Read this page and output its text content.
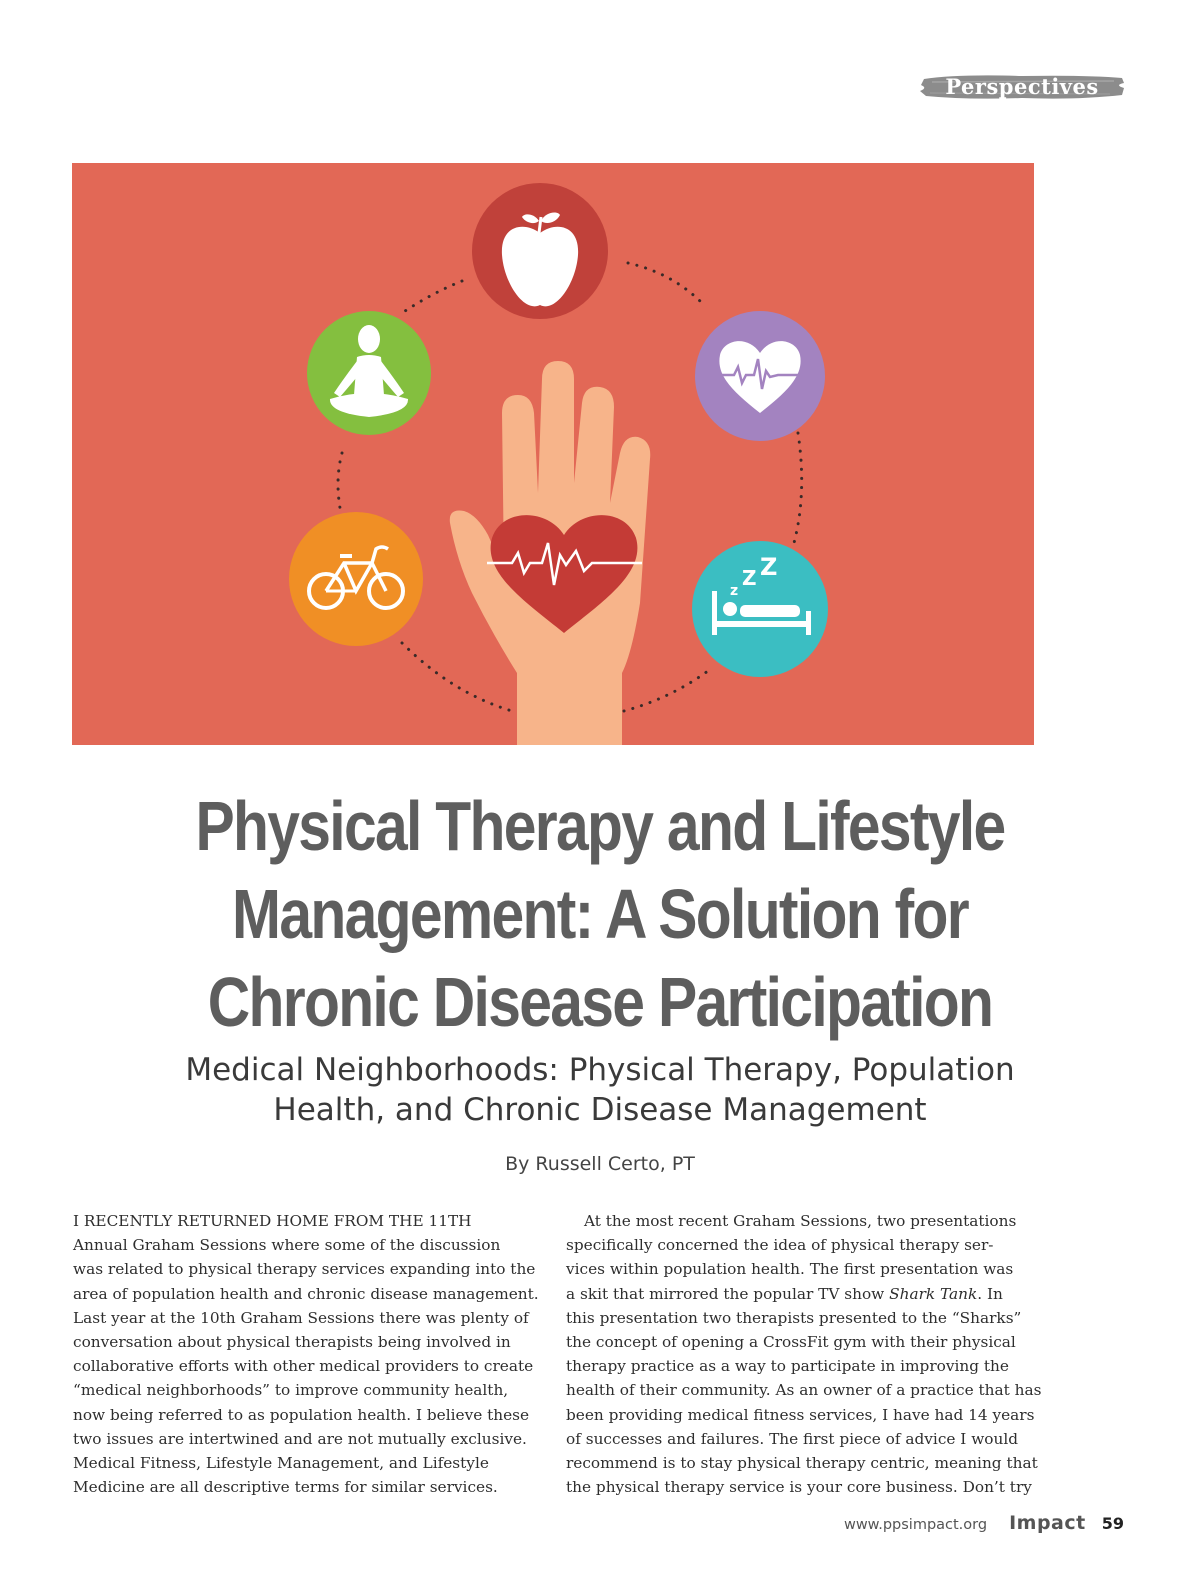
Perspectives
z
Z Z
Physical Therapy and Lifestyle
Management: A Solution for
Chronic Disease Participation
Medical Neighborhoods: Physical Therapy, Population
Health, and Chronic Disease Management
By Russell Certo, PT
I RECENTLY RETURNED HOME FROM THE 11TH
Annual Graham Sessions where some of the discussion
was related to physical therapy services expanding into the
area of population health and chronic disease management.
Last year at the 10th Graham Sessions there was plenty of
conversation about physical therapists being involved in
collaborative efforts with other medical providers to create
“medical neighborhoods” to improve community health,
now being referred to as population health. I believe these
two issues are intertwined and are not mutually exclusive.
Medical Fitness, Lifestyle Management, and Lifestyle
Medicine are all descriptive terms for similar services.
At the most recent Graham Sessions, two presentations
specifically concerned the idea of physical therapy ser-
vices within population health. The first presentation was
a skit that mirrored the popular TV show Shark Tank. In
this presentation two therapists presented to the “Sharks”
the concept of opening a CrossFit gym with their physical
therapy practice as a way to participate in improving the
health of their community. As an owner of a practice that has
been providing medical fitness services, I have had 14 years
of successes and failures. The first piece of advice I would
recommend is to stay physical therapy centric, meaning that
the physical therapy service is your core business. Don’t try
www.ppsimpact.org Impact 59
